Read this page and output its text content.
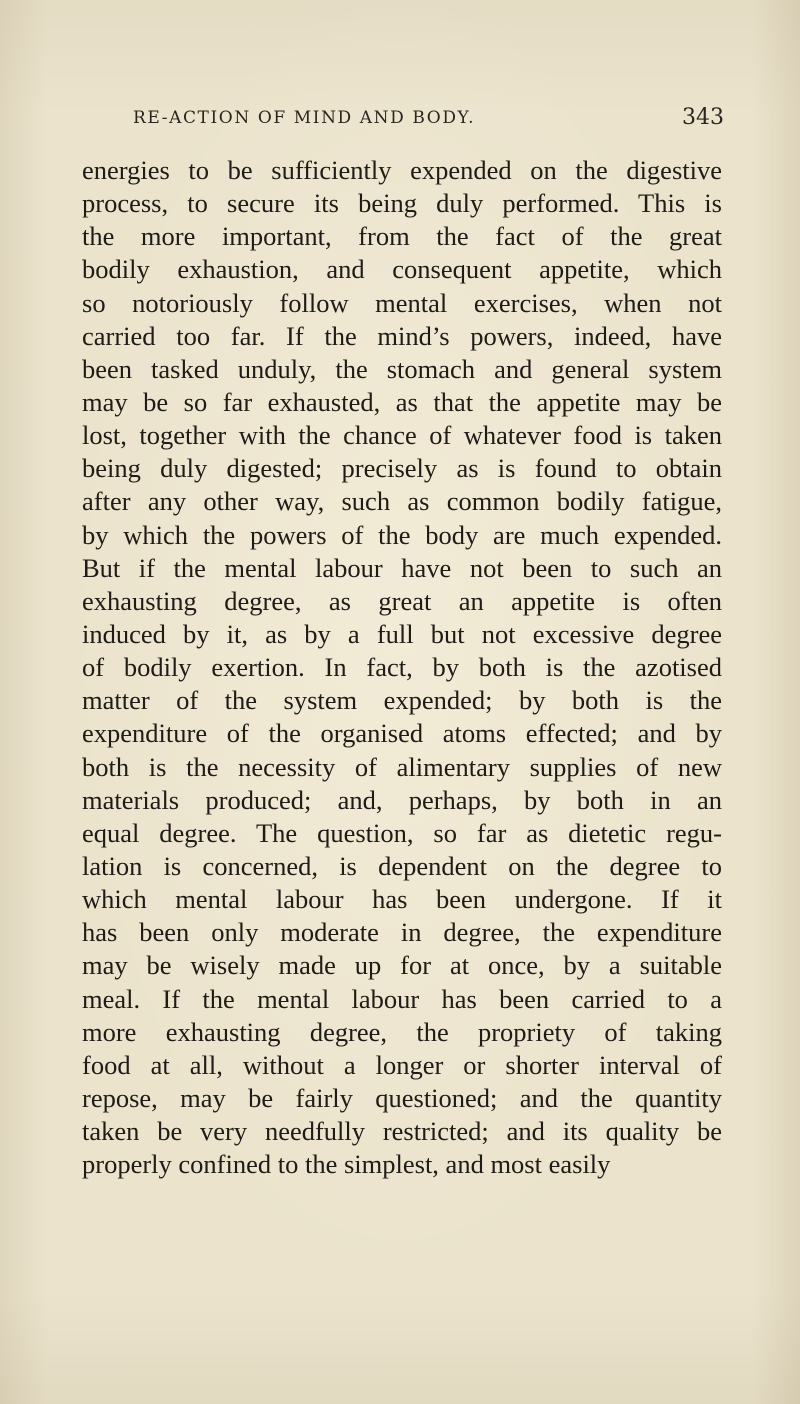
RE-ACTION OF MIND AND BODY.	343
energies to be sufficiently expended on the digestive
process, to secure its being duly performed. This is
the more important, from the fact of the great
bodily exhaustion, and consequent appetite, which
so notoriously follow mental exercises, when not
carried too far. If the mind’s powers, indeed, have
been tasked unduly, the stomach and general system
may be so far exhausted, as that the appetite may be
lost, together with the chance of whatever food is taken
being duly digested; precisely as is found to obtain
after any other way, such as common bodily fatigue,
by which the powers of the body are much expended.
But if the mental labour have not been to such an
exhausting degree, as great an appetite is often
induced by it, as by a full but not excessive degree
of bodily exertion. In fact, by both is the azotised
matter of the system expended; by both is the
expenditure of the organised atoms effected; and by
both is the necessity of alimentary supplies of new
materials produced; and, perhaps, by both in an
equal degree. The question, so far as dietetic regu-
lation is concerned, is dependent on the degree to
which mental labour has been undergone. If it
has been only moderate in degree, the expenditure
may be wisely made up for at once, by a suitable
meal. If the mental labour has been carried to a
more exhausting degree, the propriety of taking
food at all, without a longer or shorter interval of
repose, may be fairly questioned; and the quantity
taken be very needfully restricted; and its quality be
properly confined to the simplest, and most easily
